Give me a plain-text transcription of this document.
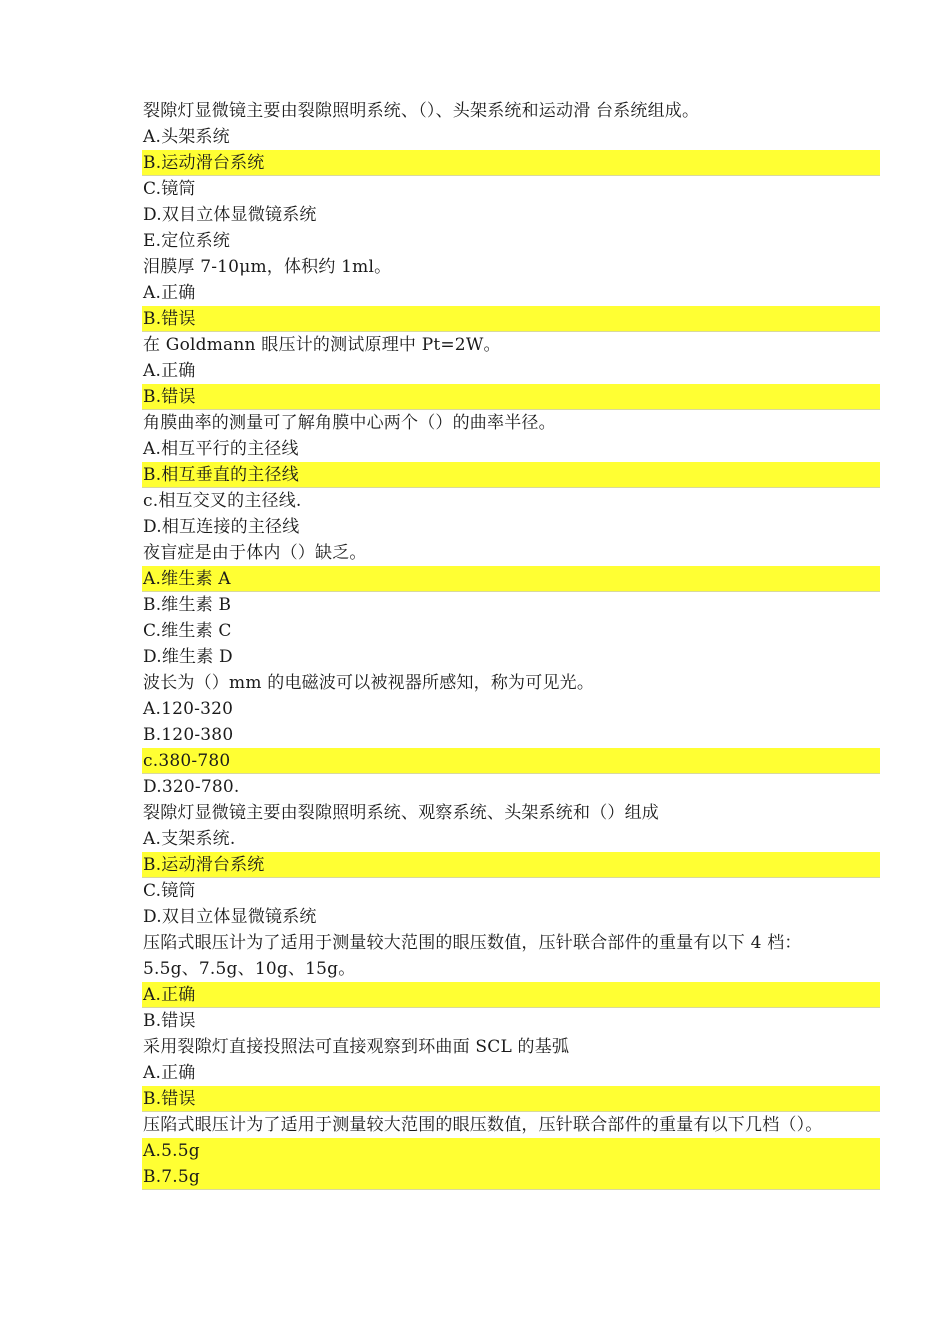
裂隙灯显微镜主要由裂隙照明系统、（）、头架系统和运动滑 台系统组成。
A.头架系统
B.运动滑台系统
C.镜筒
D.双目立体显微镜系统
E.定位系统
泪膜厚 7-10μm，体积约 1ml。
A.正确
B.错误
在 Goldmann 眼压计的测试原理中 Pt=2W。
A.正确
B.错误
角膜曲率的测量可了解角膜中心两个（）的曲率半径。
A.相互平行的主径线
B.相互垂直的主径线
c.相互交叉的主径线.
D.相互连接的主径线
夜盲症是由于体内（）缺乏。
A.维生素 A
B.维生素 B
C.维生素 C
D.维生素 D
波长为（）mm 的电磁波可以被视器所感知，称为可见光。
A.120-320
B.120-380
c.380-780
D.320-780.
裂隙灯显微镜主要由裂隙照明系统、观察系统、头架系统和（）组成
A.支架系统.
B.运动滑台系统
C.镜筒
D.双目立体显微镜系统
压陷式眼压计为了适用于测量较大范围的眼压数值，压针联合部件的重量有以下 4 档：
5.5g、7.5g、10g、15g。
A.正确
B.错误
采用裂隙灯直接投照法可直接观察到环曲面 SCL 的基弧
A.正确
B.错误
压陷式眼压计为了适用于测量较大范围的眼压数值，压针联合部件的重量有以下几档（）。
A.5.5g
B.7.5g
